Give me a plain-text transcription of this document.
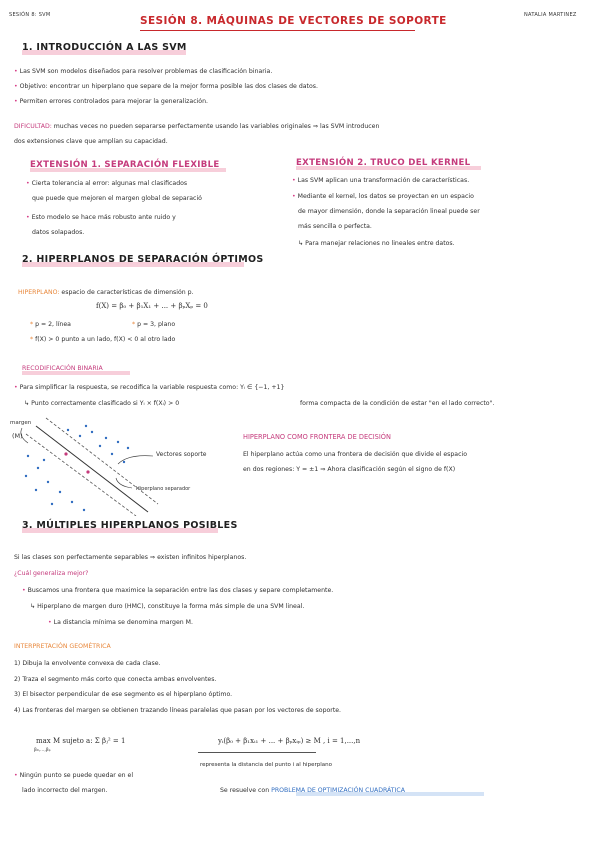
SESIÓN 8: SVM	NATALIA MARTINEZ
SESIÓN 8. MÁQUINAS DE VECTORES DE SOPORTE
1. INTRODUCCIÓN A LAS SVM
• Las SVM son modelos diseñados para resolver problemas de clasificación binaria.
• Objetivo: encontrar un hiperplano que separe de la mejor forma posible las dos clases de datos.
• Permiten errores controlados para mejorar la generalización.
DIFICULTAD: muchas veces no pueden separarse perfectamente usando las variables originales ⇒ las SVM introducen
dos extensiones clave que amplían su capacidad.
EXTENSIÓN 1. SEPARACIÓN FLEXIBLE
• Cierta tolerancia al error: algunas mal clasificados
que puede que mejoren el margen global de separació
• Esto modelo se hace más robusto ante ruido y
datos solapados.
EXTENSIÓN 2. TRUCO DEL KERNEL
• Las SVM aplican una transformación de características.
• Mediante el kernel, los datos se proyectan en un espacio
de mayor dimensión, donde la separación lineal puede ser
más sencilla o perfecta.
↳ Para manejar relaciones no lineales entre datos.
2. HIPERPLANOS DE SEPARACIÓN ÓPTIMOS
HIPERPLANO: espacio de características de dimensión p.
f(X) = β₀ + β₁X₁ + ... + βₚXₚ = 0
* p = 2, línea	* p = 3, plano
* f(X) > 0 punto a un lado, f(X) < 0 al otro lado
RECODIFICACIÓN BINARIA
• Para simplificar la respuesta, se recodifica la variable respuesta como: Yᵢ ∈ {−1, +1}
↳ Punto correctamente clasificado si Yᵢ × f(Xᵢ) > 0	forma compacta de la condición de estar "en el lado correcto".
margen
(M)
Vectores soporte
Hiperplano separador
HIPERPLANO COMO FRONTERA DE DECISIÓN
El hiperplano actúa como una frontera de decisión que divide el espacio
en dos regiones: Y = ±1 ⇒ Ahora clasificación según el signo de f(X)
3. MÚLTIPLES HIPERPLANOS POSIBLES
Si las clases son perfectamente separables ⇒ existen infinitos hiperplanos.
¿Cuál generaliza mejor?
• Buscamos una frontera que maximice la separación entre las dos clases y separe completamente.
↳ Hiperplano de margen duro (HMC), constituye la forma más simple de una SVM lineal.
• La distancia mínima se denomina margen M.
INTERPRETACIÓN GEOMÉTRICA
1) Dibuja la envolvente convexa de cada clase.
2) Traza el segmento más corto que conecta ambas envolventes.
3) El bisector perpendicular de ese segmento es el hiperplano óptimo.
4) Las fronteras del margen se obtienen trazando líneas paralelas que pasan por los vectores de soporte.
max M sujeto a: Σ βⱼ² = 1
β₀,...,βₚ
yᵢ(β₀ + β₁xᵢ₁ + ... + βₚxᵢₚ) ≥ M , i = 1,...,n
representa la distancia del punto i al hiperplano
• Ningún punto se puede quedar en el
lado incorrecto del margen.	Se resuelve con PROBLEMA DE OPTIMIZACIÓN CUADRÁTICA
